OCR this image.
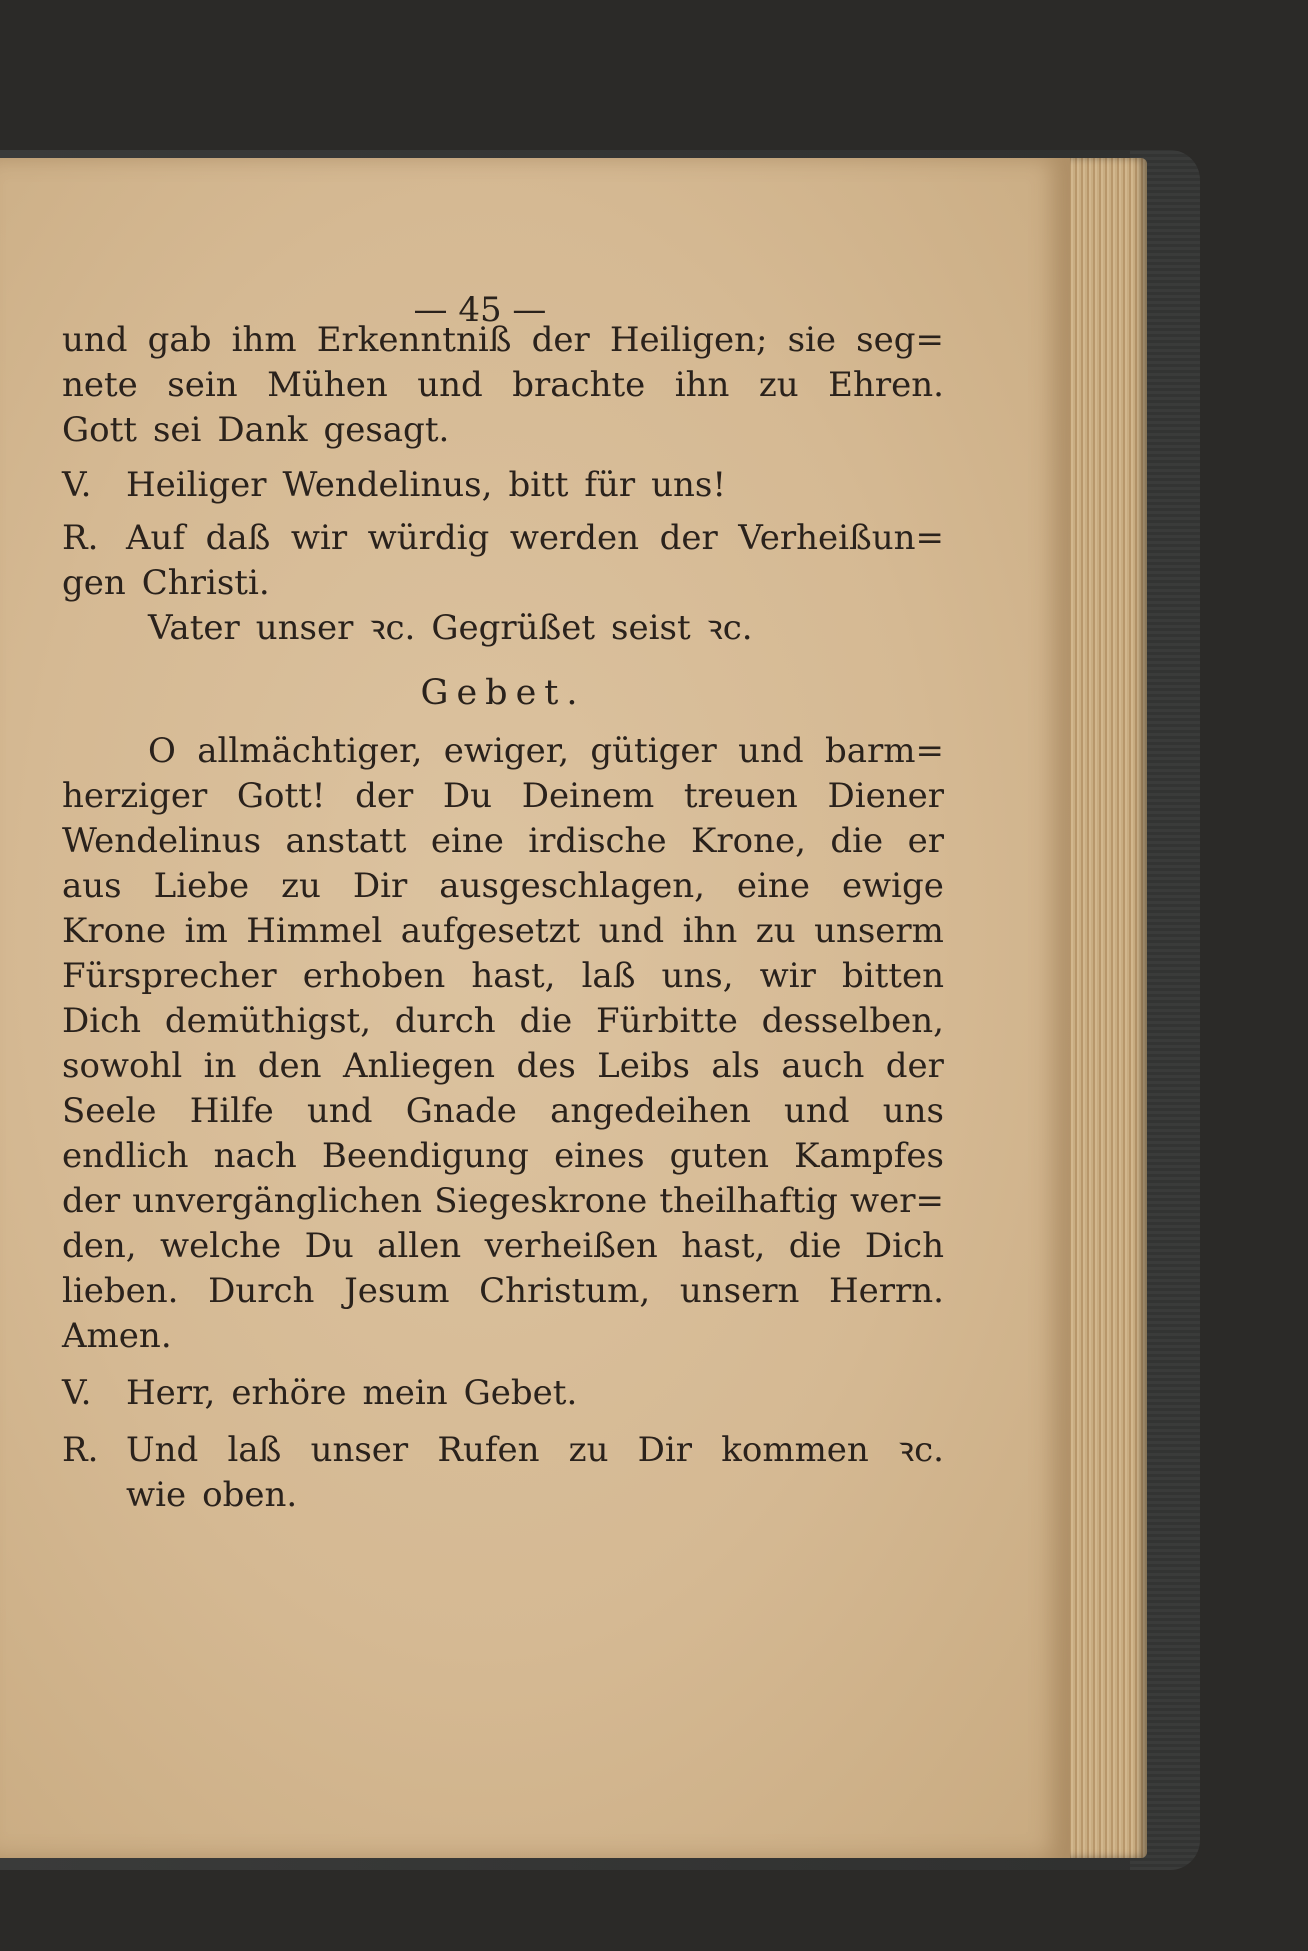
— 45 —
und gab ihm Erkenntniß der Heiligen; sie seg=
nete sein Mühen und brachte ihn zu Ehren.
Gott sei Dank gesagt.
V.	Heiliger Wendelinus, bitt für uns!
R. Auf daß wir würdig werden der Verheißun=
gen Christi.
Vater unser ꝛc. Gegrüßet seist ꝛc.
Gebet.
O allmächtiger, ewiger, gütiger und barm=
herziger Gott! der Du Deinem treuen Diener
Wendelinus anstatt eine irdische Krone, die er
aus Liebe zu Dir ausgeschlagen, eine ewige
Krone im Himmel aufgesetzt und ihn zu unserm
Fürsprecher erhoben hast, laß uns, wir bitten
Dich demüthigst, durch die Fürbitte desselben,
sowohl in den Anliegen des Leibs als auch der
Seele Hilfe und Gnade angedeihen und uns
endlich nach Beendigung eines guten Kampfes
der unvergänglichen Siegeskrone theilhaftig wer=
den, welche Du allen verheißen hast, die Dich
lieben. Durch Jesum Christum, unsern Herrn.
Amen.
V.	Herr, erhöre mein Gebet.
R. Und laß unser Rufen zu Dir kommen ꝛc.
wie oben.
